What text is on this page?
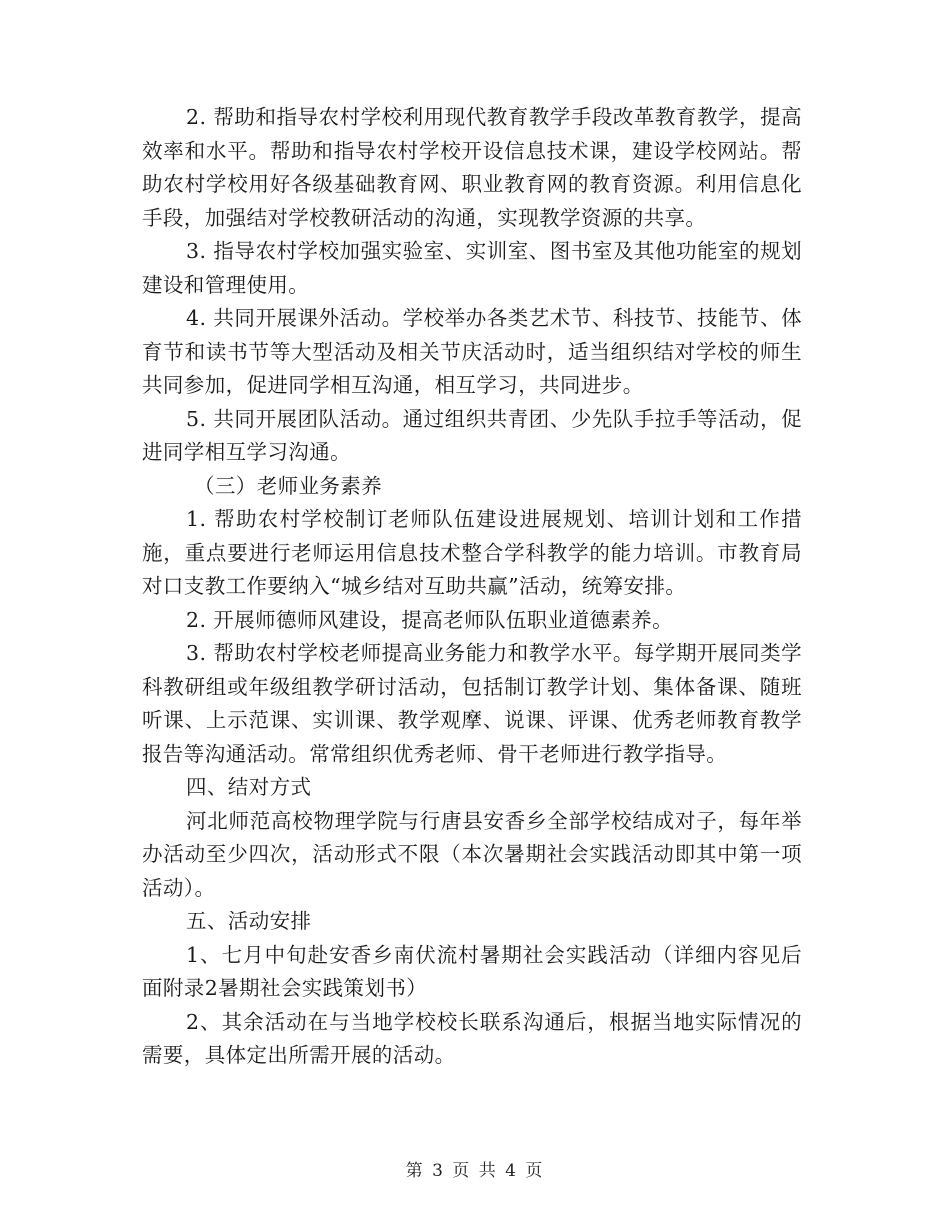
2. 帮助和指导农村学校利用现代教育教学手段改革教育教学，提高效率和水平。帮助和指导农村学校开设信息技术课，建设学校网站。帮助农村学校用好各级基础教育网、职业教育网的教育资源。利用信息化手段，加强结对学校教研活动的沟通，实现教学资源的共享。

3. 指导农村学校加强实验室、实训室、图书室及其他功能室的规划建设和管理使用。

4. 共同开展课外活动。学校举办各类艺术节、科技节、技能节、体育节和读书节等大型活动及相关节庆活动时，适当组织结对学校的师生共同参加，促进同学相互沟通，相互学习，共同进步。

5. 共同开展团队活动。通过组织共青团、少先队手拉手等活动，促进同学相互学习沟通。

（三）老师业务素养

1. 帮助农村学校制订老师队伍建设进展规划、培训计划和工作措施，重点要进行老师运用信息技术整合学科教学的能力培训。市教育局对口支教工作要纳入“城乡结对互助共赢”活动，统筹安排。

2. 开展师德师风建设，提高老师队伍职业道德素养。

3. 帮助农村学校老师提高业务能力和教学水平。每学期开展同类学科教研组或年级组教学研讨活动，包括制订教学计划、集体备课、随班听课、上示范课、实训课、教学观摩、说课、评课、优秀老师教育教学报告等沟通活动。常常组织优秀老师、骨干老师进行教学指导。

四、结对方式

河北师范高校物理学院与行唐县安香乡全部学校结成对子，每年举办活动至少四次，活动形式不限（本次暑期社会实践活动即其中第一项活动）。

五、活动安排

1、七月中旬赴安香乡南伏流村暑期社会实践活动（详细内容见后面附录2暑期社会实践策划书）

2、其余活动在与当地学校校长联系沟通后，根据当地实际情况的需要，具体定出所需开展的活动。

第 3 页 共 4 页
